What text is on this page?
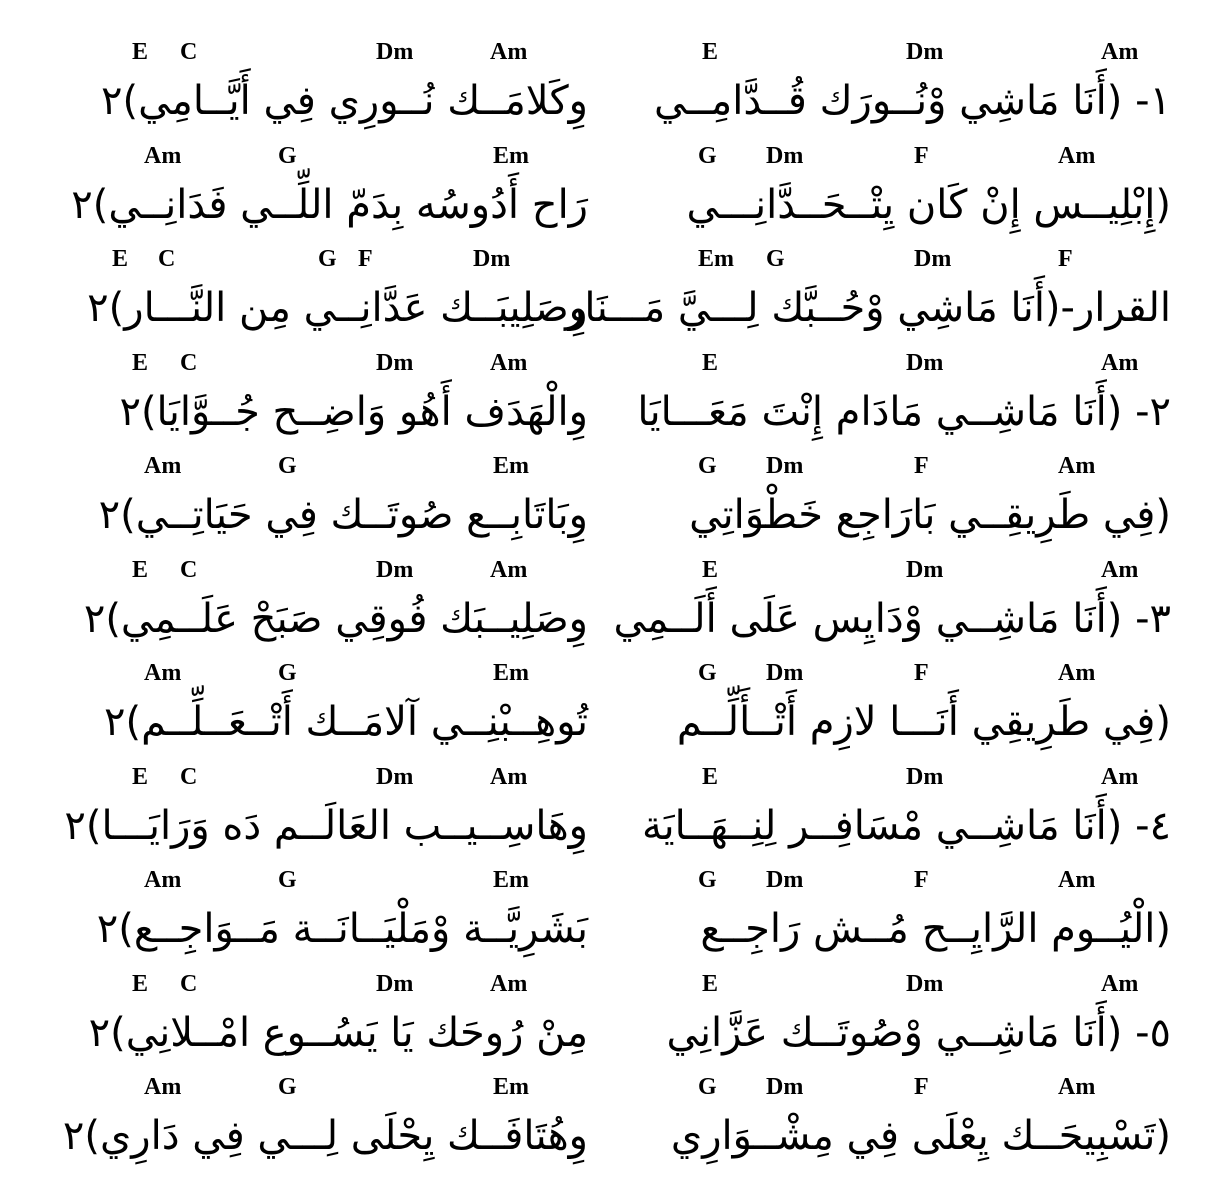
Am
Dm
E
١- (أَنَا مَاشِي وْنُــورَك قُــدَّامِــي
Am
F
Dm
G
(إِبْلِيــس إِنْ كَان يِتْــحَــدَّانِـــي
F
Dm
G
Em
القرار-(أَنَا مَاشِي وْحُــبَّك لِـــيَّ مَـــنَار
Am
Dm
E
٢- (أَنَا مَاشِــي مَادَام إِنْتَ مَعَـــايَا
Am
F
Dm
G
(فِي طَرِيقِــي بَارَاجِع خَطْوَاتِي
Am
Dm
E
٣- (أَنَا مَاشِــي وْدَايِس عَلَى أَلَــمِي
Am
F
Dm
G
(فِي طَرِيقِي أَنَـــا لازِم أَتْــأَلِّــم
Am
Dm
E
٤- (أَنَا مَاشِــي مْسَافِــر لِنِــهَــايَة
Am
F
Dm
G
(الْيُــوم الرَّايِــح مُــش رَاجِــع
Am
Dm
E
٥- (أَنَا مَاشِــي وْصُوتَــك عَزَّانِي
Am
F
Dm
G
(تَسْبِيحَــك يِعْلَى فِي مِشْــوَارِي
Am
Dm
C
E
وِكَلامَــك نُــورِي فِي أَيَّــامِي)٢
Em
G
Am
رَاح أَدُوسُه بِدَمّ اللِّــي فَدَانِــي)٢
Dm
F
G
C
E
وِصَلِيبَــك عَدَّانِــي مِن النَّـــار)٢
Am
Dm
C
E
وِالْهَدَف أَهُو وَاضِــح جُــوَّايَا)٢
Em
G
Am
وِبَاتَابِــع صُوتَــك فِي حَيَاتِــي)٢
Am
Dm
C
E
وِصَلِيــبَك فُوقِي صَبَحْ عَلَــمِي)٢
Em
G
Am
تُوهِــبْنِــي آلامَــك أَتْــعَــلِّــم)٢
Am
Dm
C
E
وِهَاسِــيــب العَالَــم دَه وَرَايَـــا)٢
Em
G
Am
بَشَرِيَّــة وْمَلْيَــانَــة مَــوَاجِــع)٢
Am
Dm
C
E
مِنْ رُوحَك يَا يَسُــوع امْــلانِي)٢
Em
G
Am
وِهُتَافَــك يِحْلَى لِـــي فِي دَارِي)٢
